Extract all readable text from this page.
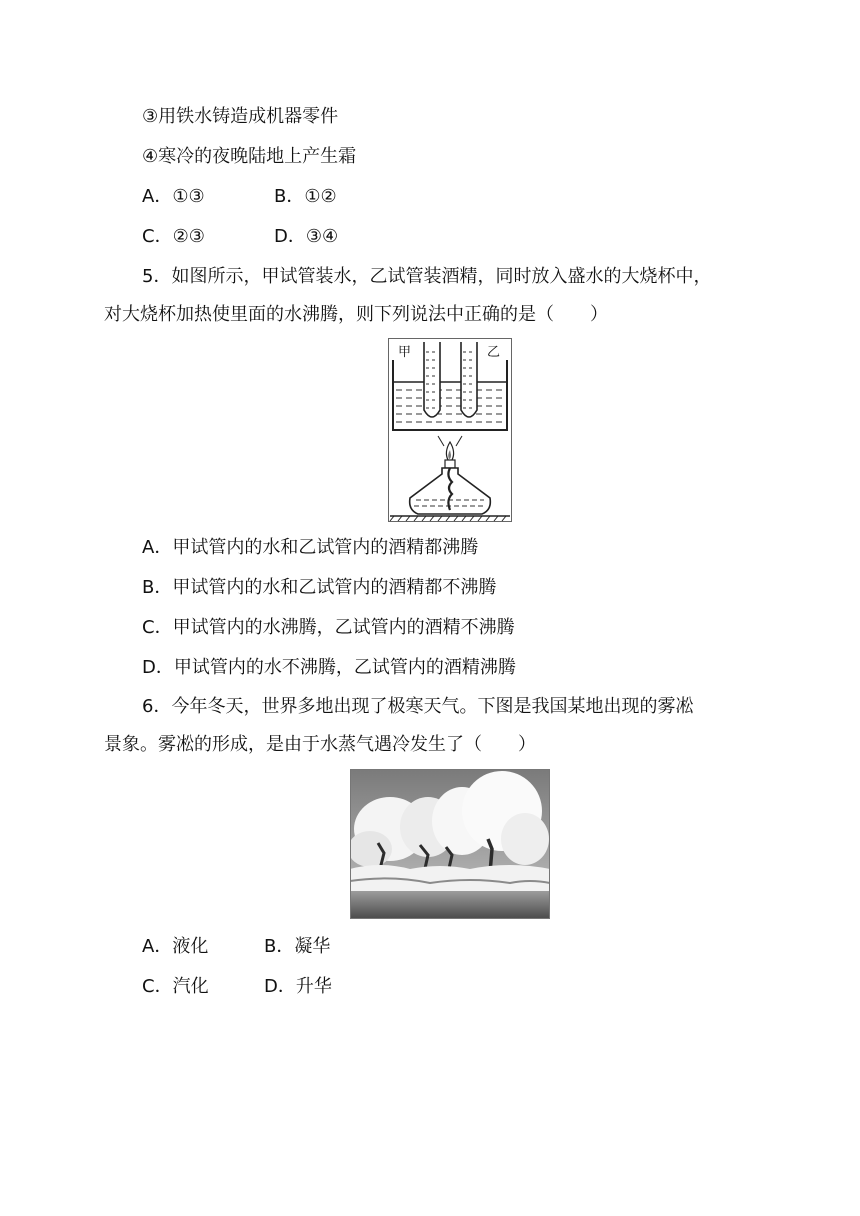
③用铁水铸造成机器零件
④寒冷的夜晚陆地上产生霜
A．①③	B．①②
C．②③	D．③④
5．如图所示，甲试管装水，乙试管装酒精，同时放入盛水的大烧杯中，
对大烧杯加热使里面的水沸腾，则下列说法中正确的是（　　）
甲	乙
A．甲试管内的水和乙试管内的酒精都沸腾
B．甲试管内的水和乙试管内的酒精都不沸腾
C．甲试管内的水沸腾，乙试管内的酒精不沸腾
D．甲试管内的水不沸腾，乙试管内的酒精沸腾
6．今年冬天，世界多地出现了极寒天气。下图是我国某地出现的雾凇
景象。雾凇的形成，是由于水蒸气遇冷发生了（　　）
A．液化	B．凝华
C．汽化	D．升华
